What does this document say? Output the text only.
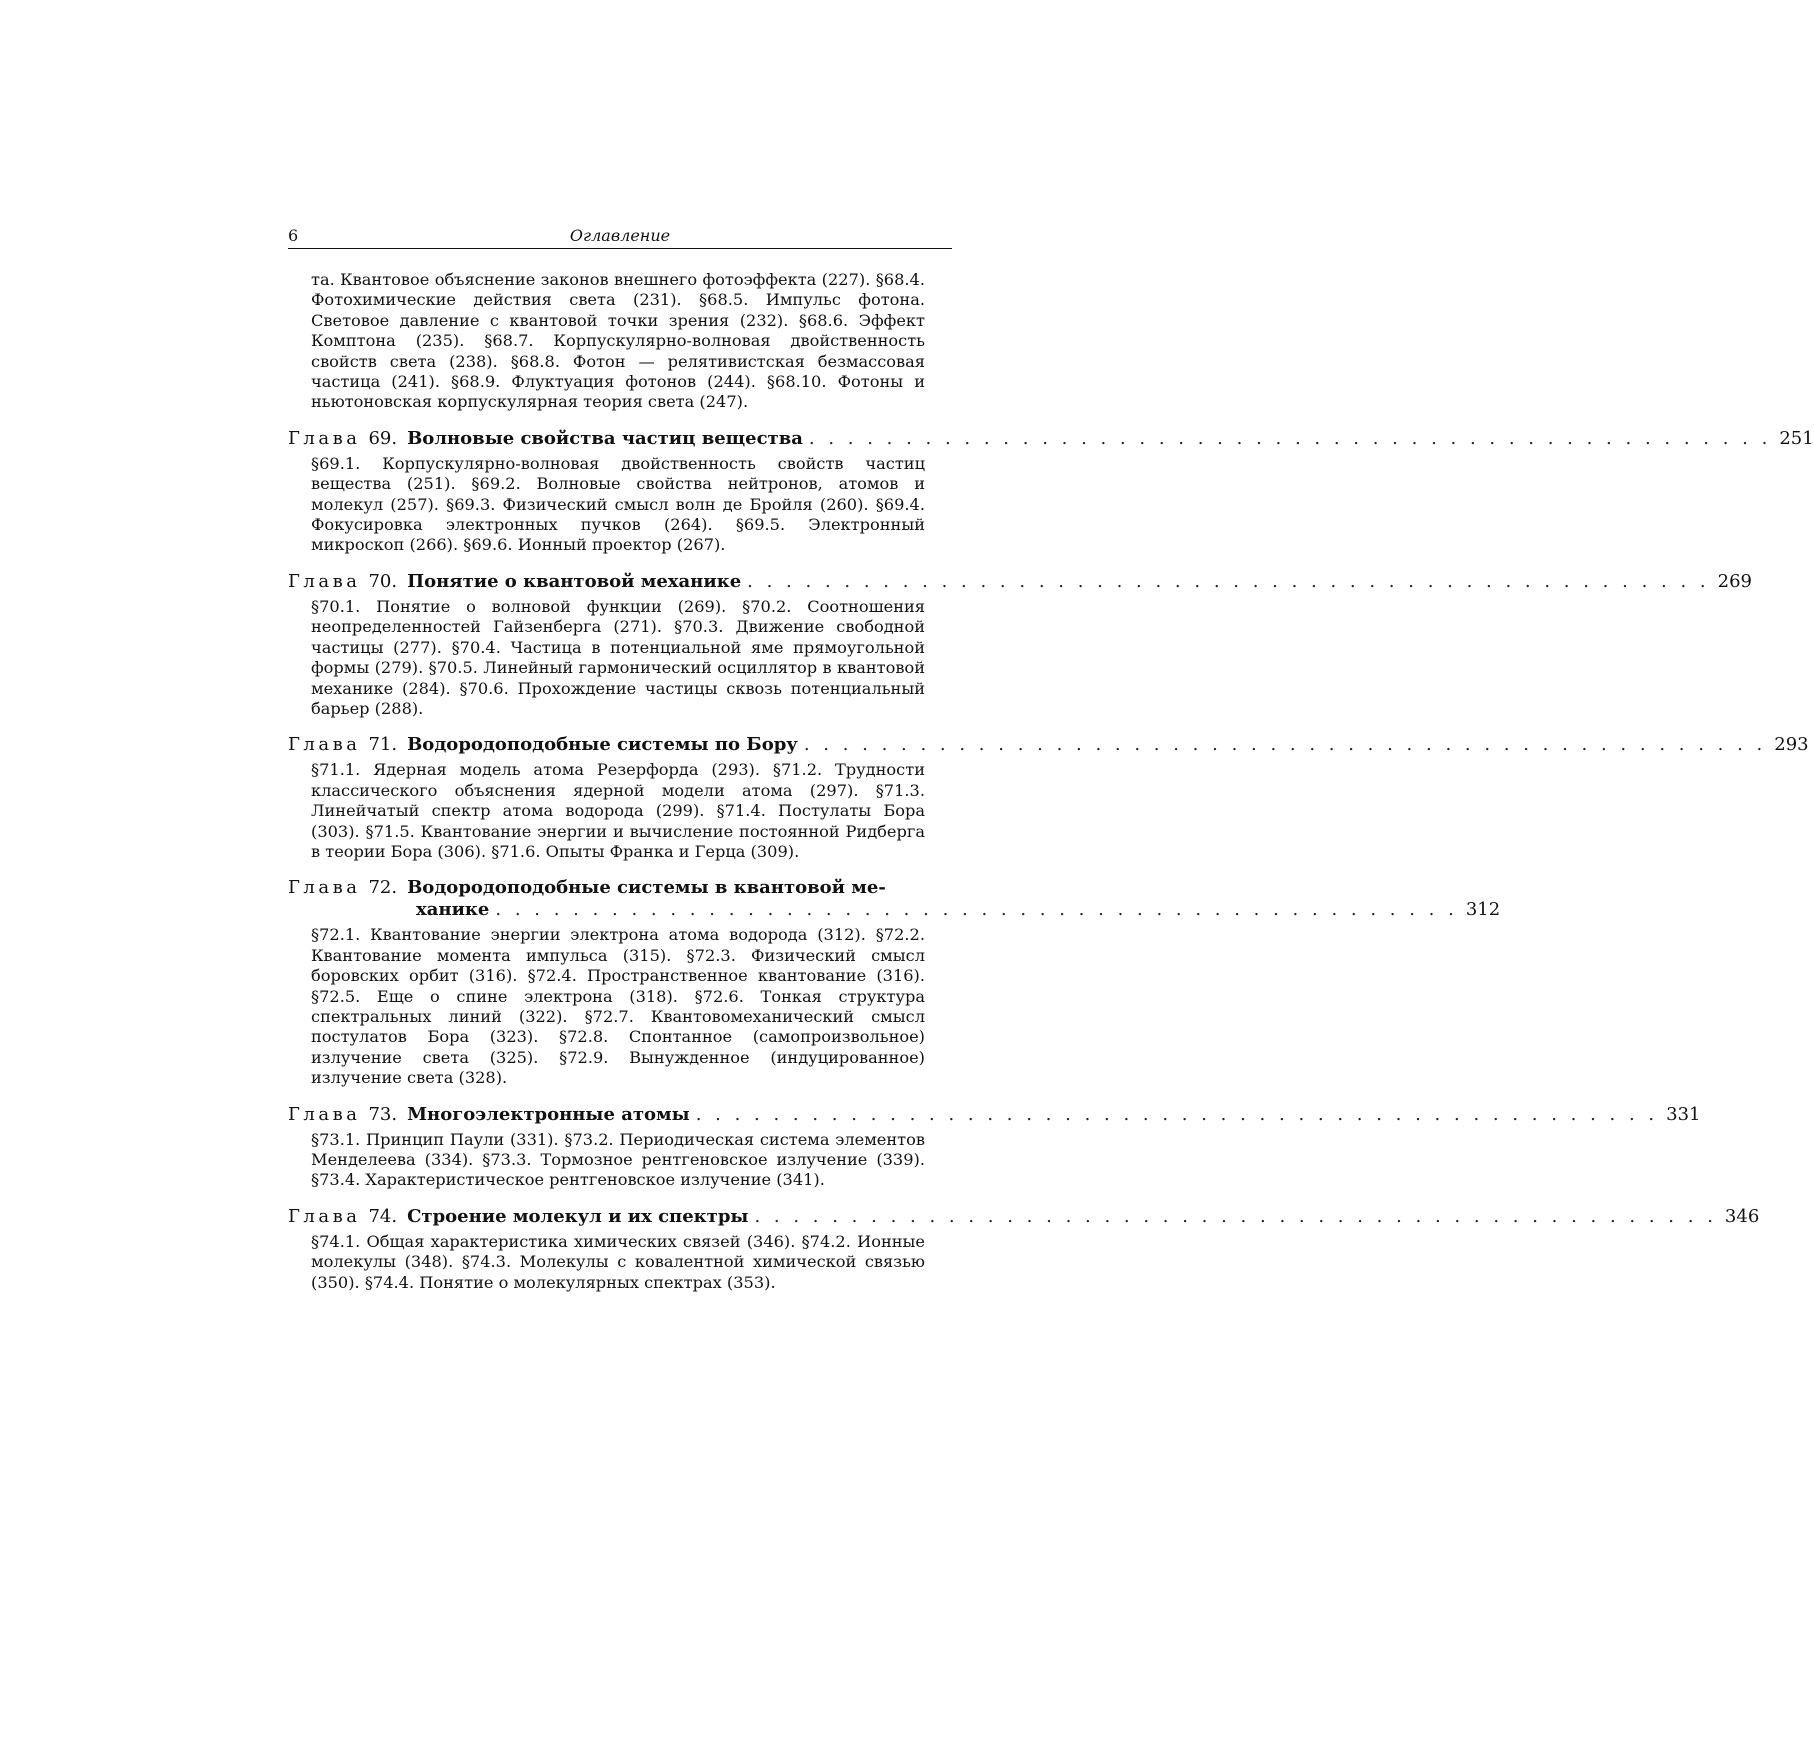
6	Оглавление

та. Квантовое объяснение законов внешнего фотоэффекта (227). §68.4. Фотохимические действия света (231). §68.5. Импульс фотона. Световое давление с квантовой точки зрения (232). §68.6. Эффект Комптона (235). §68.7. Корпускулярно-волновая двойственность свойств света (238). §68.8. Фотон — релятивистская безмассовая частица (241). §68.9. Флуктуация фотонов (244). §68.10. Фотоны и ньютоновская корпускулярная теория света (247).

Глава 69. Волновые свойства частиц вещества . . . . . . . . . . . . . . . . . . . . . . . . . . . . . . . . . . . . . . . . . . . . . . . . . . 251

§69.1. Корпускулярно-волновая двойственность свойств частиц вещества (251). §69.2. Волновые свойства нейтронов, атомов и молекул (257). §69.3. Физический смысл волн де Бройля (260). §69.4. Фокусировка электронных пучков (264). §69.5. Электронный микроскоп (266). §69.6. Ионный проектор (267).

Глава 70. Понятие о квантовой механике . . . . . . . . . . . . . . . . . . . . . . . . . . . . . . . . . . . . . . . . . . . . . . . . . . 269

§70.1. Понятие о волновой функции (269). §70.2. Соотношения неопределенностей Гайзенберга (271). §70.3. Движение свободной частицы (277). §70.4. Частица в потенциальной яме прямоугольной формы (279). §70.5. Линейный гармонический осциллятор в квантовой механике (284). §70.6. Прохождение частицы сквозь потенциальный барьер (288).

Глава 71. Водородоподобные системы по Бору . . . . . . . . . . . . . . . . . . . . . . . . . . . . . . . . . . . . . . . . . . . . . . . . . . 293

§71.1. Ядерная модель атома Резерфорда (293). §71.2. Трудности классического объяснения ядерной модели атома (297). §71.3. Линейчатый спектр атома водорода (299). §71.4. Постулаты Бора (303). §71.5. Квантование энергии и вычисление постоянной Ридберга в теории Бора (306). §71.6. Опыты Франка и Герца (309).

Глава 72. Водородоподобные системы в квантовой ме-
ханике . . . . . . . . . . . . . . . . . . . . . . . . . . . . . . . . . . . . . . . . . . . . . . . . . . 312

§72.1. Квантование энергии электрона атома водорода (312). §72.2. Квантование момента импульса (315). §72.3. Физический смысл боровских орбит (316). §72.4. Пространственное квантование (316). §72.5. Еще о спине электрона (318). §72.6. Тонкая структура спектральных линий (322). §72.7. Квантовомеханический смысл постулатов Бора (323). §72.8. Спонтанное (самопроизвольное) излучение света (325). §72.9. Вынужденное (индуцированное) излучение света (328).

Глава 73. Многоэлектронные атомы . . . . . . . . . . . . . . . . . . . . . . . . . . . . . . . . . . . . . . . . . . . . . . . . . . 331

§73.1. Принцип Паули (331). §73.2. Периодическая система элементов Менделеева (334). §73.3. Тормозное рентгеновское излучение (339). §73.4. Характеристическое рентгеновское излучение (341).

Глава 74. Строение молекул и их спектры . . . . . . . . . . . . . . . . . . . . . . . . . . . . . . . . . . . . . . . . . . . . . . . . . . 346

§74.1. Общая характеристика химических связей (346). §74.2. Ионные молекулы (348). §74.3. Молекулы с ковалентной химической связью (350). §74.4. Понятие о молекулярных спектрах (353).
